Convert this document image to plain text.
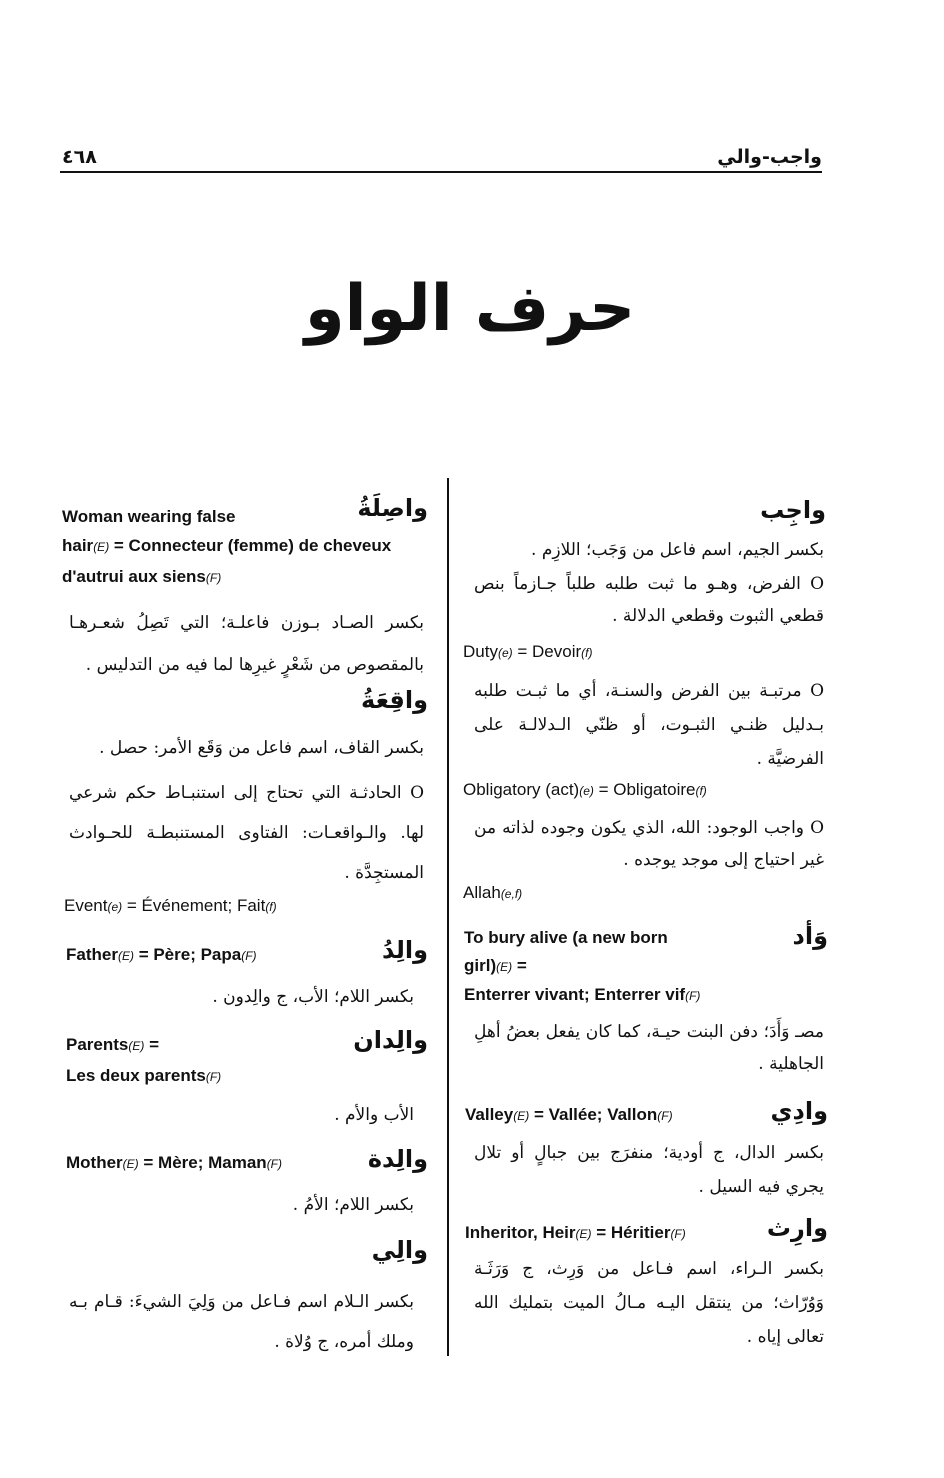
واجب-والي
٤٦٨
حرف الواو
واجِب
بكسر الجيم، اسم فاعل من وَجَب؛ اللازِم .
O الفرض، وهـو ما ثبت طلبه طلباً جـازماً بنص قطعي الثبوت وقطعي الدلالة .
Duty(e) = Devoir(f)
O مرتبـة بين الفرض والسنـة، أي ما ثبـت طلبه بـدليل ظنـي الثبـوت، أو ظنّي الـدلالـة على الفرضيَّة .
Obligatory (act)(e) = Obligatoire(f)
O واجب الوجود: الله، الذي يكون وجوده لذاته من غير احتياج إلى موجد يوجده .
Allah(e,f)
وَأد
To bury alive (a new born
girl)(E) =
Enterrer vivant; Enterrer vif(F)
مصـ وَأَدَ؛ دفن البنت حيـة، كما كان يفعل بعضُ أهلِ الجاهلية .
وادِي
Valley(E) = Vallée; Vallon(F)
بكسر الدال، ج أودية؛ منفرَج بين جبالٍ أو تلال يجري فيه السيل .
وارِث
Inheritor, Heir(E) = Héritier(F)
بكسر الـراء، اسم فـاعل من وَرِث، ج وَرَثَـة وَوُرّاث؛ من ينتقل اليـه مـالُ الميت بتمليك الله تعالى إياه .
واصِلَةُ
Woman wearing false
hair(E) = Connecteur (femme) de cheveux
d'autrui aux siens(F)
بكسر الصـاد بـوزن فاعلـة؛ التي تَصِلُ شعـرهـا بالمقصوص من شَعْرٍ غيرِها لما فيه من التدليس .
واقِعَةُ
بكسر القاف، اسم فاعل من وَقَع الأمر: حصل .
O الحادثـة التي تحتاج إلى استنبـاط حكم شرعي لها. والـواقعـات: الفتاوى المستنبطـة للحـوادث المستجِدَّة .
Event(e) = Événement; Fait(f)
والِدُ
Father(E) = Père; Papa(F)
بكسر اللام؛ الأب، ج والِدون .
والِدان
Parents(E) =
Les deux parents(F)
الأب والأم .
والِدة
Mother(E) = Mère; Maman(F)
بكسر اللام؛ الأمُ .
والِي
بكسر الـلام اسم فـاعل من وَلِيَ الشيءَ: قـام بـه وملك أمره، ج وُلاة .
